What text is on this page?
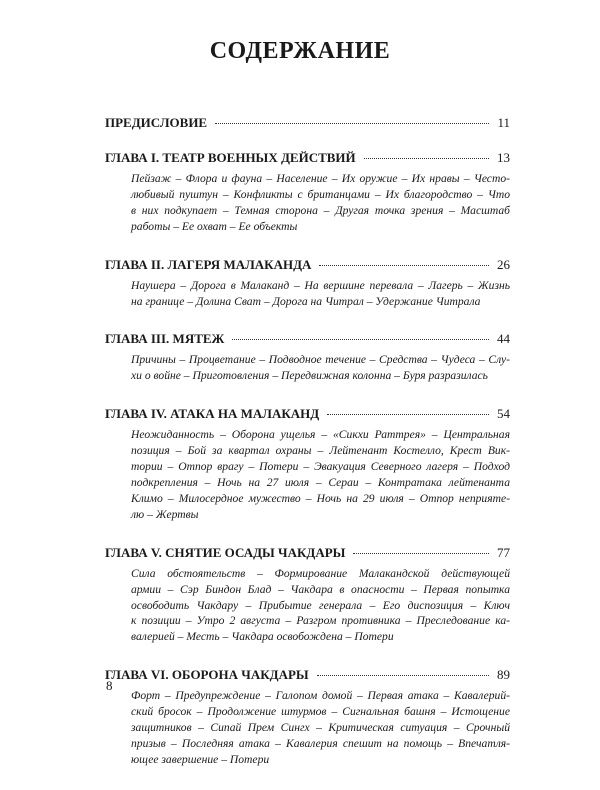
СОДЕРЖАНИЕ
ПРЕДИСЛОВИЕ	11
ГЛАВА I. ТЕАТР ВОЕННЫХ ДЕЙСТВИЙ	13
Пейзаж – Флора и фауна – Население – Их оружие – Их нравы – Често-
любивый пуштун – Конфликты с британцами – Их благородство – Что
в них подкупает – Темная сторона – Другая точка зрения – Масштаб
работы – Ее охват – Ее объекты
ГЛАВА II. ЛАГЕРЯ МАЛАКАНДА	26
Наушера – Дорога в Малаканд – На вершине перевала – Лагерь – Жизнь
на границе – Долина Сват – Дорога на Читрал – Удержание Читрала
ГЛАВА III. МЯТЕЖ	44
Причины – Процветание – Подводное течение – Средства – Чудеса – Слу-
хи о войне – Приготовления – Передвижная колонна – Буря разразилась
ГЛАВА IV. АТАКА НА МАЛАКАНД	54
Неожиданность – Оборона ущелья – «Сикхи Раттрея» – Центральная
позиция – Бой за квартал охраны – Лейтенант Костелло, Крест Вик-
тории – Отпор врагу – Потери – Эвакуация Северного лагеря – Подход
подкрепления – Ночь на 27 июля – Сераи – Контратака лейтенанта
Климо – Милосердное мужество – Ночь на 29 июля – Отпор неприяте-
лю – Жертвы
ГЛАВА V. СНЯТИЕ ОСАДЫ ЧАКДАРЫ	77
Сила обстоятельств – Формирование Малакандской действующей
армии – Сэр Биндон Блад – Чакдара в опасности – Первая попытка
освободить Чакдару – Прибытие генерала – Его диспозиция – Ключ
к позиции – Утро 2 августа – Разгром противника – Преследование ка-
валерией – Месть – Чакдара освобождена – Потери
ГЛАВА VI. ОБОРОНА ЧАКДАРЫ	89
Форт – Предупреждение – Галопом домой – Первая атака – Кавалерий-
ский бросок – Продолжение штурмов – Сигнальная башня – Истощение
защитников – Сипай Прем Сингх – Критическая ситуация – Срочный
призыв – Последняя атака – Кавалерия спешит на помощь – Впечатля-
ющее завершение – Потери
8
